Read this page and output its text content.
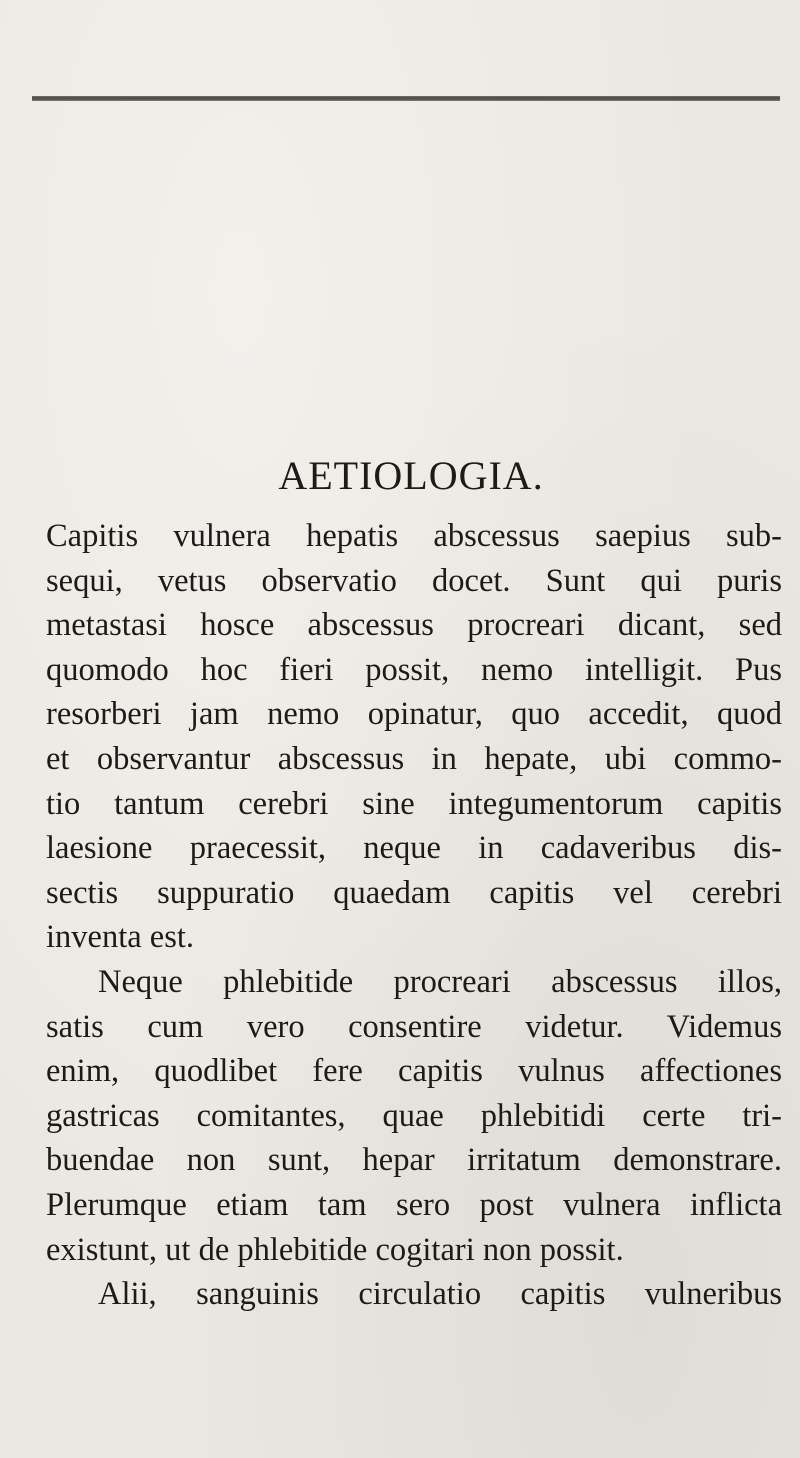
AETIOLOGIA.
Capitis vulnera hepatis abscessus saepius sub-
sequi, vetus observatio docet. Sunt qui puris
metastasi hosce abscessus procreari dicant, sed
quomodo hoc fieri possit, nemo intelligit. Pus
resorberi jam nemo opinatur, quo accedit, quod
et observantur abscessus in hepate, ubi commo-
tio tantum cerebri sine integumentorum capitis
laesione praecessit, neque in cadaveribus dis-
sectis suppuratio quaedam capitis vel cerebri
inventa est.
Neque phlebitide procreari abscessus illos,
satis cum vero consentire videtur. Videmus
enim, quodlibet fere capitis vulnus affectiones
gastricas comitantes, quae phlebitidi certe tri-
buendae non sunt, hepar irritatum demonstrare.
Plerumque etiam tam sero post vulnera inflicta
existunt, ut de phlebitide cogitari non possit.
Alii, sanguinis circulatio capitis vulneribus
